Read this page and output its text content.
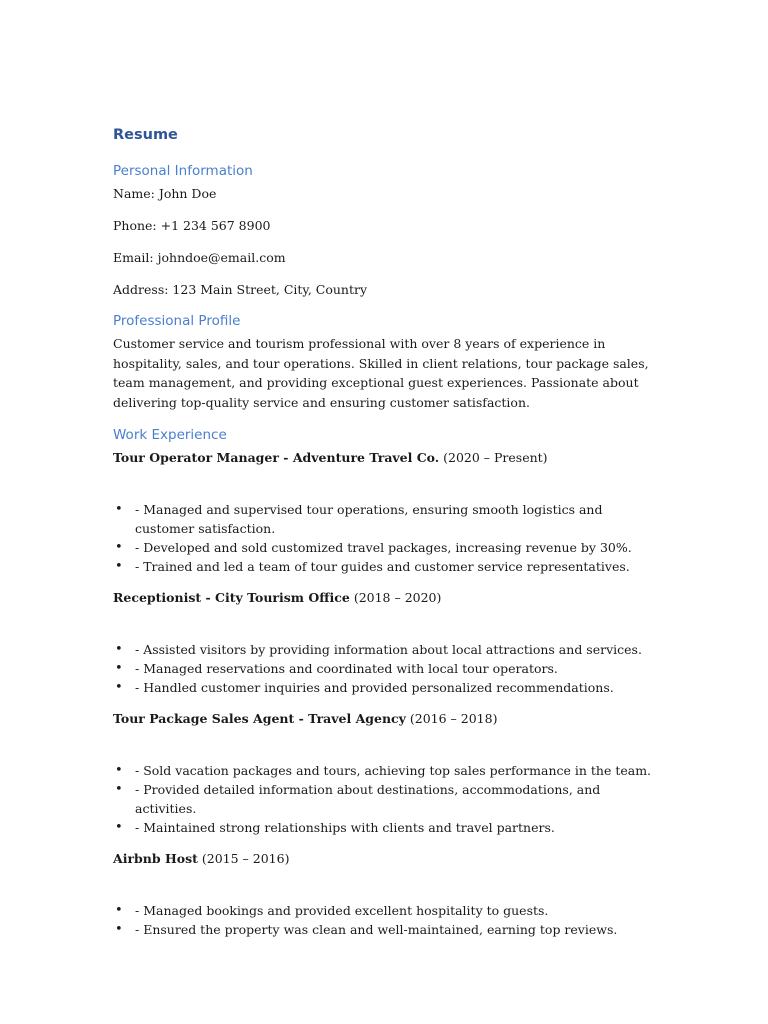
Resume
Personal Information
Name: John Doe
Phone: +1 234 567 8900
Email: johndoe@email.com
Address: 123 Main Street, City, Country
Professional Profile
Customer service and tourism professional with over 8 years of experience in hospitality, sales, and tour operations. Skilled in client relations, tour package sales, team management, and providing exceptional guest experiences. Passionate about delivering top-quality service and ensuring customer satisfaction.
Work Experience
Tour Operator Manager - Adventure Travel Co. (2020 – Present)
• - Managed and supervised tour operations, ensuring smooth logistics and customer satisfaction.
• - Developed and sold customized travel packages, increasing revenue by 30%.
• - Trained and led a team of tour guides and customer service representatives.
Receptionist - City Tourism Office (2018 – 2020)
• - Assisted visitors by providing information about local attractions and services.
• - Managed reservations and coordinated with local tour operators.
• - Handled customer inquiries and provided personalized recommendations.
Tour Package Sales Agent - Travel Agency (2016 – 2018)
• - Sold vacation packages and tours, achieving top sales performance in the team.
• - Provided detailed information about destinations, accommodations, and activities.
• - Maintained strong relationships with clients and travel partners.
Airbnb Host (2015 – 2016)
• - Managed bookings and provided excellent hospitality to guests.
• - Ensured the property was clean and well-maintained, earning top reviews.
